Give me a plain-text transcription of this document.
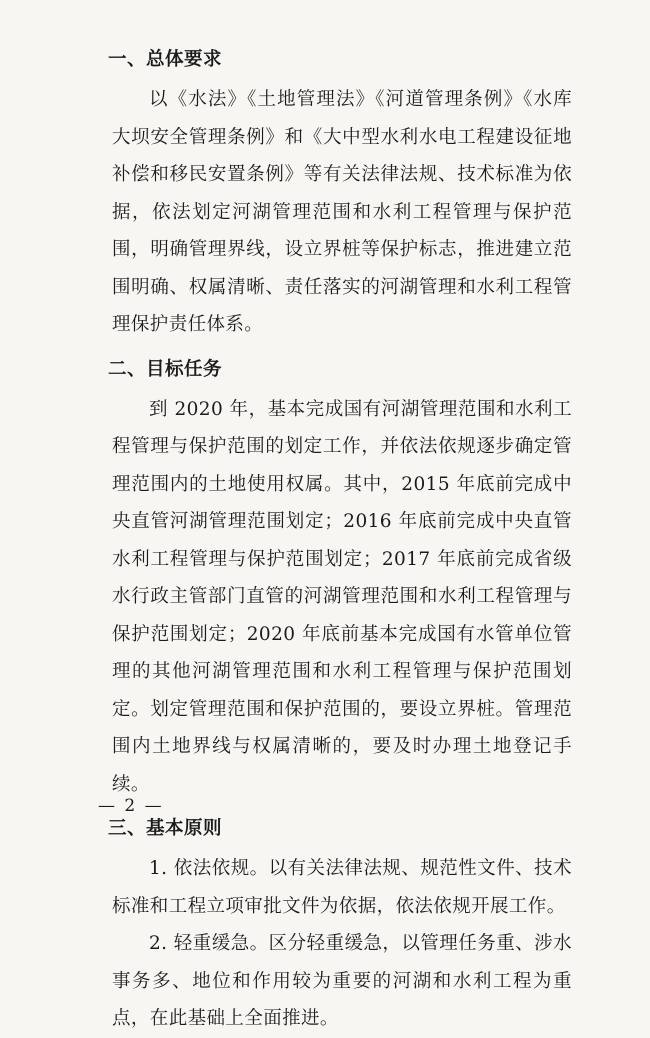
一、总体要求

以《水法》《土地管理法》《河道管理条例》《水库大坝安全管理条例》和《大中型水利水电工程建设征地补偿和移民安置条例》等有关法律法规、技术标准为依据，依法划定河湖管理范围和水利工程管理与保护范围，明确管理界线，设立界桩等保护标志，推进建立范围明确、权属清晰、责任落实的河湖管理和水利工程管理保护责任体系。

二、目标任务

到 2020 年，基本完成国有河湖管理范围和水利工程管理与保护范围的划定工作，并依法依规逐步确定管理范围内的土地使用权属。其中，2015 年底前完成中央直管河湖管理范围划定；2016 年底前完成中央直管水利工程管理与保护范围划定；2017 年底前完成省级水行政主管部门直管的河湖管理范围和水利工程管理与保护范围划定；2020 年底前基本完成国有水管单位管理的其他河湖管理范围和水利工程管理与保护范围划定。划定管理范围和保护范围的，要设立界桩。管理范围内土地界线与权属清晰的，要及时办理土地登记手续。

三、基本原则

1. 依法依规。以有关法律法规、规范性文件、技术标准和工程立项审批文件为依据，依法依规开展工作。

2. 轻重缓急。区分轻重缓急，以管理任务重、涉水事务多、地位和作用较为重要的河湖和水利工程为重点，在此基础上全面推进。

— 2 —
